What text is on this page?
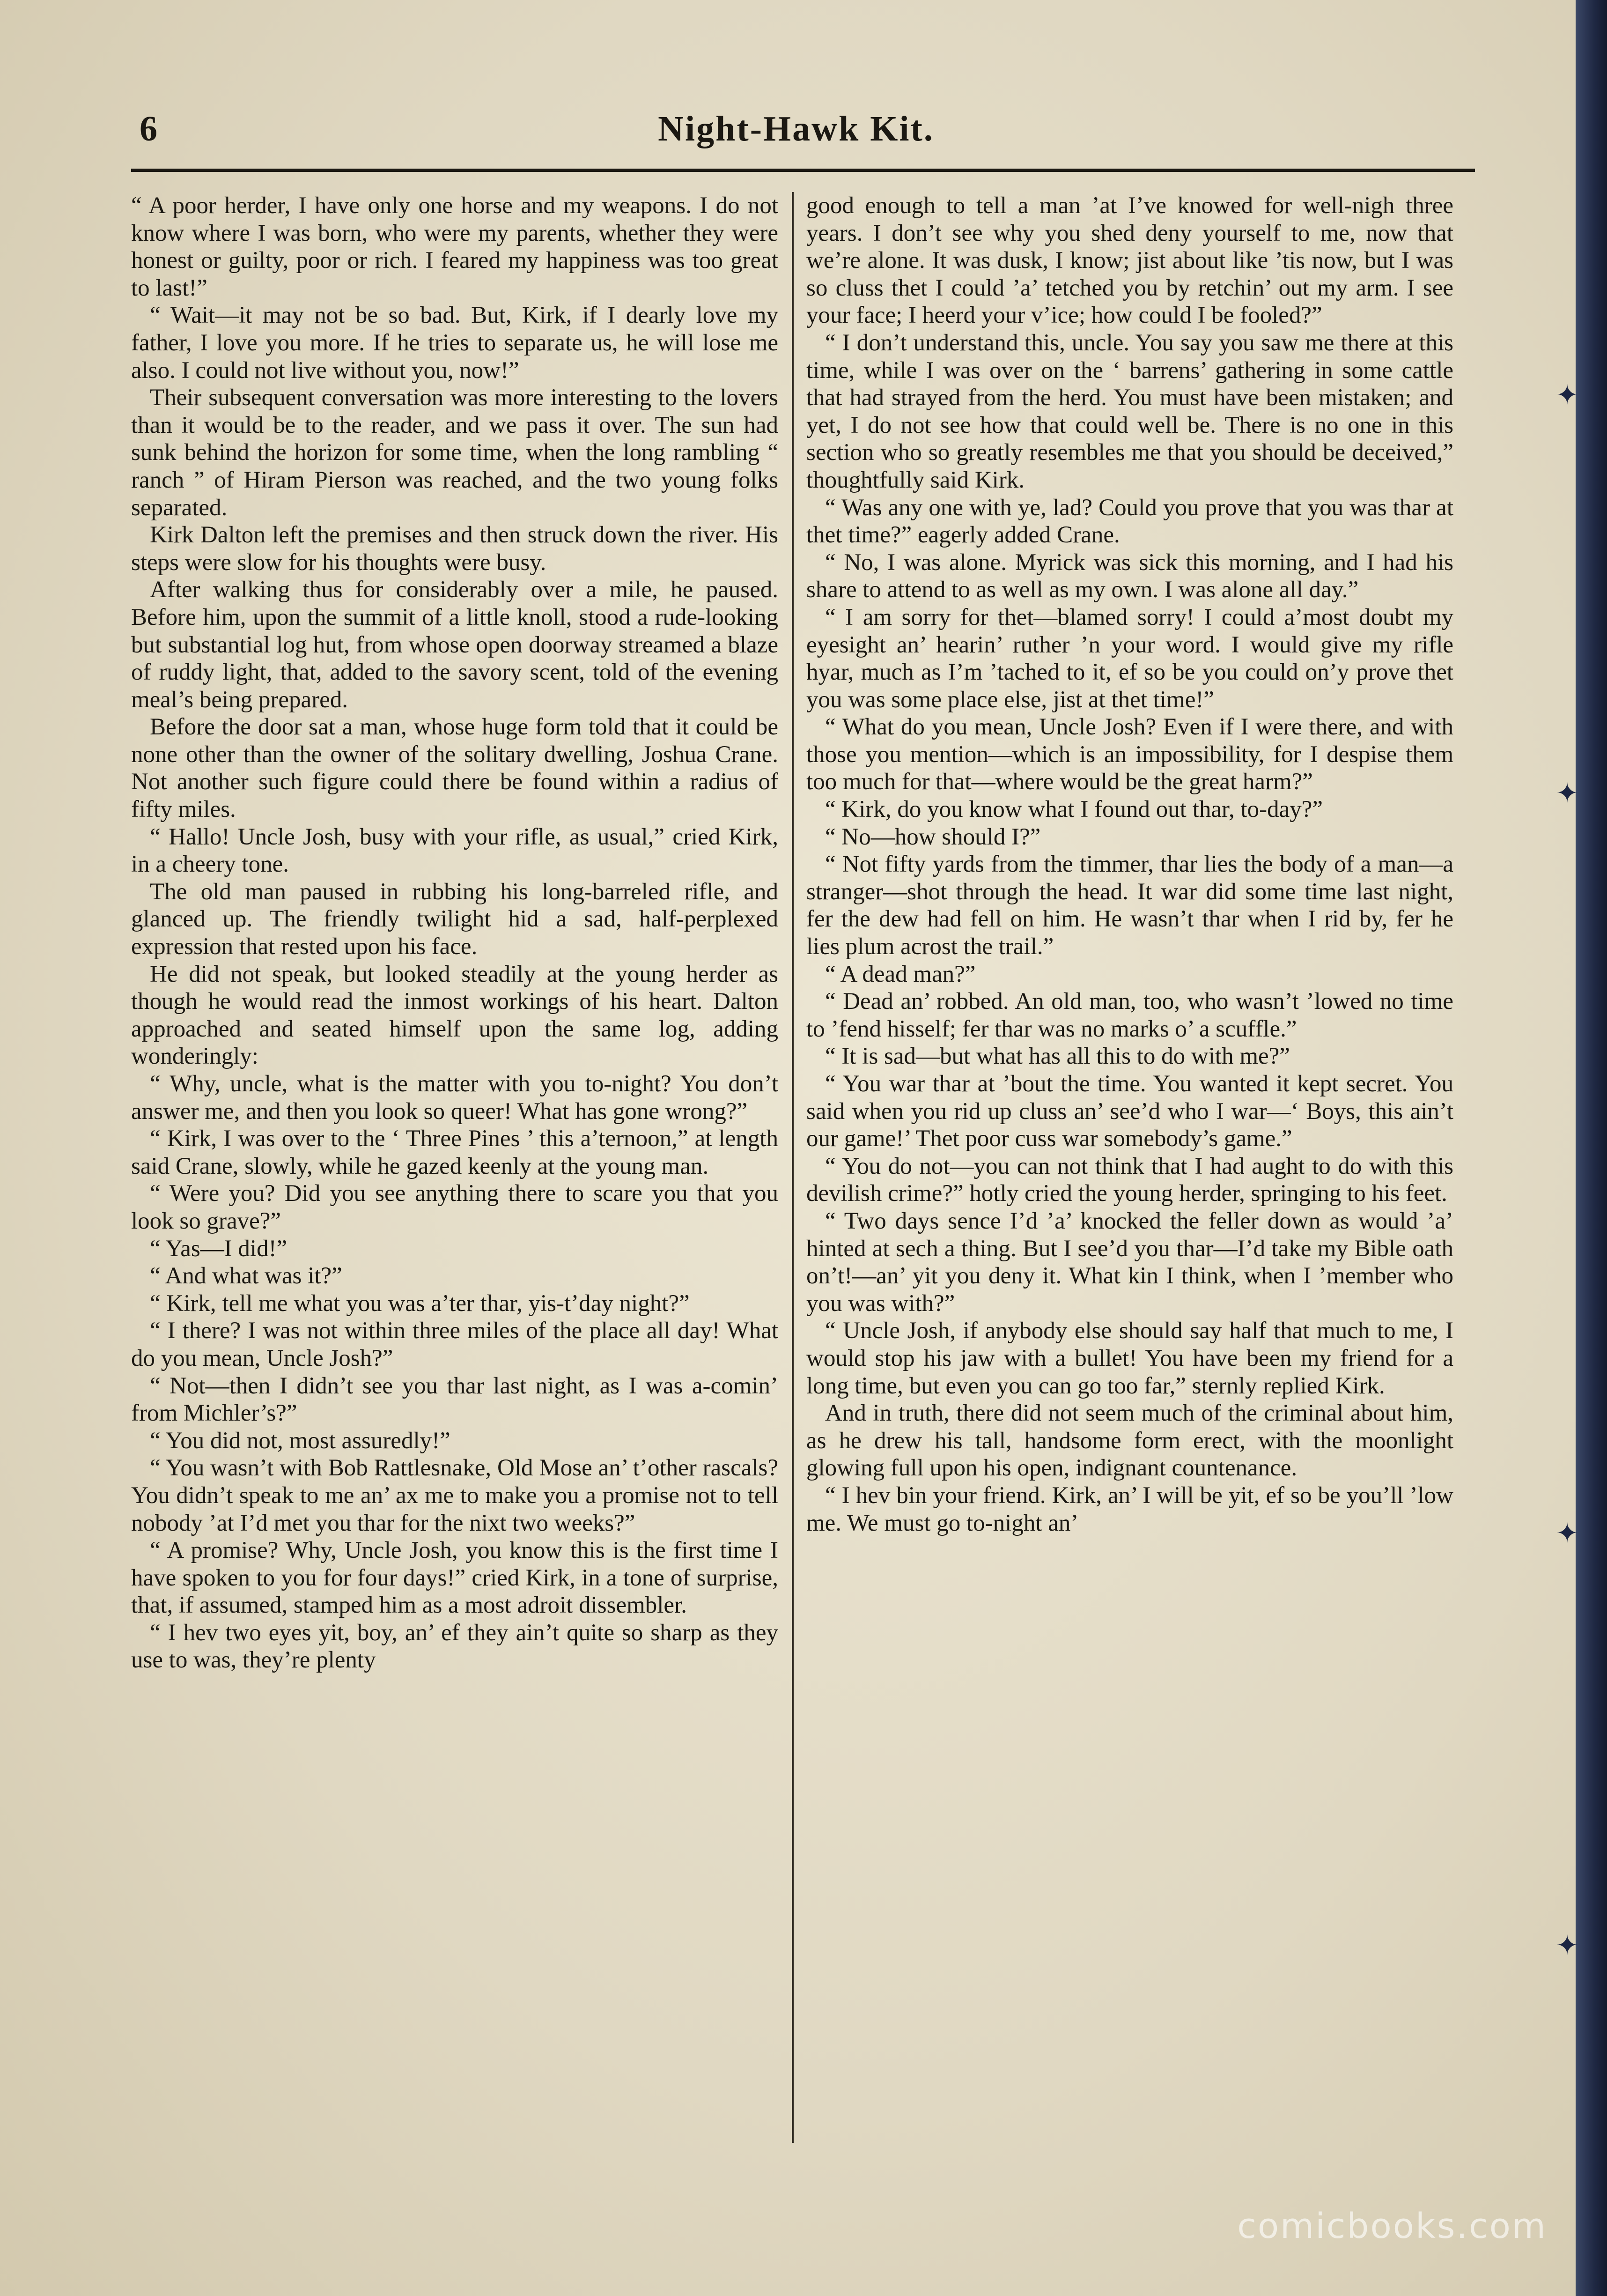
6	Night-Hawk Kit.

“ A poor herder, I have only one horse and my weapons. I do not know where I was born, who were my parents, whether they were honest or guilty, poor or rich. I feared my happiness was too great to last!”

“ Wait—it may not be so bad. But, Kirk, if I dearly love my father, I love you more. If he tries to separate us, he will lose me also. I could not live without you, now!”

Their subsequent conversation was more interesting to the lovers than it would be to the reader, and we pass it over. The sun had sunk behind the horizon for some time, when the long rambling “ ranch ” of Hiram Pierson was reached, and the two young folks separated.

Kirk Dalton left the premises and then struck down the river. His steps were slow for his thoughts were busy.

After walking thus for considerably over a mile, he paused. Before him, upon the summit of a little knoll, stood a rude-looking but substantial log hut, from whose open doorway streamed a blaze of ruddy light, that, added to the savory scent, told of the evening meal’s being prepared.

Before the door sat a man, whose huge form told that it could be none other than the owner of the solitary dwelling, Joshua Crane. Not another such figure could there be found within a radius of fifty miles.

“ Hallo! Uncle Josh, busy with your rifle, as usual,” cried Kirk, in a cheery tone.

The old man paused in rubbing his long-barreled rifle, and glanced up. The friendly twilight hid a sad, half-perplexed expression that rested upon his face.

He did not speak, but looked steadily at the young herder as though he would read the inmost workings of his heart. Dalton approached and seated himself upon the same log, adding wonderingly:

“ Why, uncle, what is the matter with you to-night? You don’t answer me, and then you look so queer! What has gone wrong?”

“ Kirk, I was over to the ‘ Three Pines ’ this a’ternoon,” at length said Crane, slowly, while he gazed keenly at the young man.

“ Were you? Did you see anything there to scare you that you look so grave?”

“ Yas—I did!”

“ And what was it?”

“ Kirk, tell me what you was a’ter thar, yis-t’day night?”

“ I there? I was not within three miles of the place all day! What do you mean, Uncle Josh?”

“ Not—then I didn’t see you thar last night, as I was a-comin’ from Michler’s?”

“ You did not, most assuredly!”

“ You wasn’t with Bob Rattlesnake, Old Mose an’ t’other rascals? You didn’t speak to me an’ ax me to make you a promise not to tell nobody ’at I’d met you thar for the nixt two weeks?”

“ A promise? Why, Uncle Josh, you know this is the first time I have spoken to you for four days!” cried Kirk, in a tone of surprise, that, if assumed, stamped him as a most adroit dissembler.

“ I hev two eyes yit, boy, an’ ef they ain’t quite so sharp as they use to was, they’re plenty

good enough to tell a man ’at I’ve knowed for well-nigh three years. I don’t see why you shed deny yourself to me, now that we’re alone. It was dusk, I know; jist about like ’tis now, but I was so cluss thet I could ’a’ tetched you by retchin’ out my arm. I see your face; I heerd your v’ice; how could I be fooled?”

“ I don’t understand this, uncle. You say you saw me there at this time, while I was over on the ‘ barrens’ gathering in some cattle that had strayed from the herd. You must have been mistaken; and yet, I do not see how that could well be. There is no one in this section who so greatly resembles me that you should be deceived,” thoughtfully said Kirk.

“ Was any one with ye, lad? Could you prove that you was thar at thet time?” eagerly added Crane.

“ No, I was alone. Myrick was sick this morning, and I had his share to attend to as well as my own. I was alone all day.”

“ I am sorry for thet—blamed sorry! I could a’most doubt my eyesight an’ hearin’ ruther ’n your word. I would give my rifle hyar, much as I’m ’tached to it, ef so be you could on’y prove thet you was some place else, jist at thet time!”

“ What do you mean, Uncle Josh? Even if I were there, and with those you mention—which is an impossibility, for I despise them too much for that—where would be the great harm?”

“ Kirk, do you know what I found out thar, to-day?”

“ No—how should I?”

“ Not fifty yards from the timmer, thar lies the body of a man—a stranger—shot through the head. It war did some time last night, fer the dew had fell on him. He wasn’t thar when I rid by, fer he lies plum acrost the trail.”

“ A dead man?”

“ Dead an’ robbed. An old man, too, who wasn’t ’lowed no time to ’fend hisself; fer thar was no marks o’ a scuffle.”

“ It is sad—but what has all this to do with me?”

“ You war thar at ’bout the time. You wanted it kept secret. You said when you rid up cluss an’ see’d who I war—‘ Boys, this ain’t our game!’ Thet poor cuss war somebody’s game.”

“ You do not—you can not think that I had aught to do with this devilish crime?” hotly cried the young herder, springing to his feet.

“ Two days sence I’d ’a’ knocked the feller down as would ’a’ hinted at sech a thing. But I see’d you thar—I’d take my Bible oath on’t!—an’ yit you deny it. What kin I think, when I ’member who you was with?”

“ Uncle Josh, if anybody else should say half that much to me, I would stop his jaw with a bullet! You have been my friend for a long time, but even you can go too far,” sternly replied Kirk.

And in truth, there did not seem much of the criminal about him, as he drew his tall, handsome form erect, with the moonlight glowing full upon his open, indignant countenance.

“ I hev bin your friend. Kirk, an’ I will be yit, ef so be you’ll ’low me. We must go to-night an’

✦
✦
✦
✦
comicbooks.com
